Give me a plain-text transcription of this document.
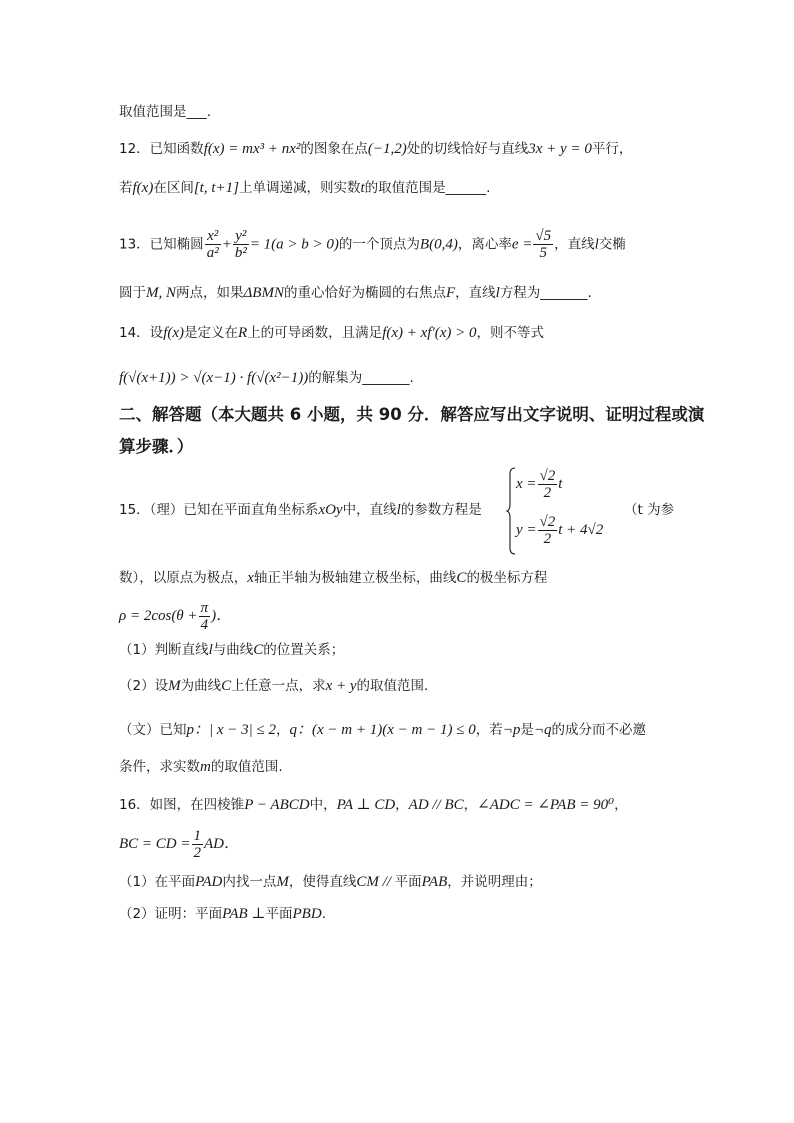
取值范围是___.
12．已知函数f(x) = mx³ + nx²的图象在点(−1,2)处的切线恰好与直线3x + y = 0平行，
若f(x)在区间[t, t+1]上单调递减，则实数t的取值范围是______.
13．已知椭圆 $\frac{\text{x²}}{\text{a²}} + \frac{\text{y²}}{\text{b²}} = 1(a > b > 0)$的一个顶点为B(0,4)，离心率$e = \frac{√5}{5}$ ，直线l交椭
圆于M, N两点，如果ΔBMN的重心恰好为椭圆的右焦点F，直线l方程为_______.
14．设f(x)是定义在R上的可导函数，且满足f(x) + xf′(x) > 0，则不等式
f(√(x+1)) > √(x−1) · f(√(x²−1))的解集为_______.
二、解答题（本大题共 6 小题，共 90 分．解答应写出文字说明、证明过程或演
算步骤．）
15．（理）已知在平面直角坐标系xOy中，直线l的参数方程是
$x = \frac{√2}{2}$ t
$y = \frac{√2}{2}$ t + 4√2
（t 为参
数），以原点为极点，x轴正半轴为极轴建立极坐标，曲线C的极坐标方程
$\rho = 2\cos(\theta + \frac{\pi}{4}$ )．
（1）判断直线l与曲线C的位置关系；
（2）设M为曲线C上任意一点，求x + y的取值范围.
（文）已知p：| x − 3| ≤ 2，q：(x − m + 1)(x − m − 1) ≤ 0，若¬p是¬q的成分而不必邀
条件，求实数m的取值范围.
16．如图，在四棱锥P − ABCD中，PA ⊥ CD，AD // BC，∠ADC = ∠PAB = 90⁰，
BC = CD = $\frac{1}{2}$ AD．
（1）在平面PAD内找一点M，使得直线CM // 平面PAB，并说明理由；
（2）证明：平面PAB ⊥平面PBD.
